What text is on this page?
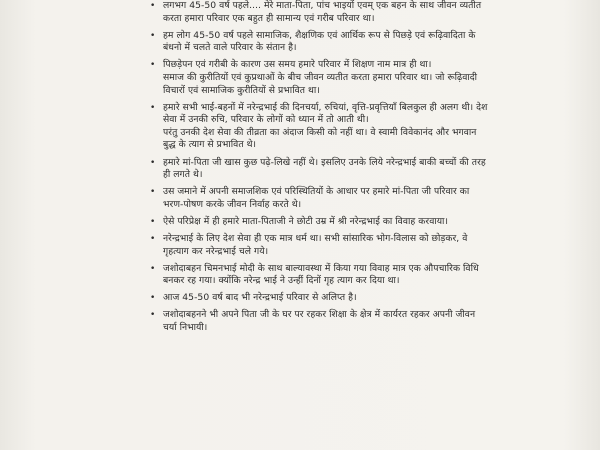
• लगभग 45-50 वर्ष पहले.... मेरे माता-पिता, पांच भाइयों एवम् एक बहन के साथ जीवन व्यतीत करता हमारा परिवार एक बहुत ही सामान्य एवं गरीब परिवार था।
• हम लोग 45-50 वर्ष पहले सामाजिक, शैक्षणिक एवं आर्थिक रूप से पिछड़े एवं रूढ़िवादिता के बंधनो में चलते वाले परिवार के संतान है।
• पिछड़ेपन एवं गरीबी के कारण उस समय हमारे परिवार में शिक्षण नाम मात्र ही था।
समाज की कुरीतियों एवं कुप्रथाओं के बीच जीवन व्यतीत करता हमारा परिवार था। जो रूढ़िवादी विचारों एवं सामाजिक कुरीतियों से प्रभावित था।
• हमारे सभी भाई-बहनों में नरेन्द्रभाई की दिनचर्या, रुचियां, वृत्ति-प्रवृत्तियाँ बिलकुल ही अलग थी। देश सेवा में उनकी रुचि, परिवार के लोगों को ध्यान में तो आती थी।
परंतु उनकी देश सेवा की तीव्रता का अंदाज किसी को नहीं था। वे स्वामी विवेकानंद और भगवान बुद्ध के त्याग से प्रभावित थे।
• हमारे मां-पिता जी खास कुछ पढ़े-लिखे नहीं थे। इसलिए उनके लिये नरेन्द्रभाई बाकी बच्चों की तरह ही लगते थे।
• उस जमाने में अपनी समाजशिक एवं परिस्थितियों के आधार पर हमारे मां-पिता जी परिवार का भरण-पोषण करके जीवन निर्वाह करते थे।
• ऐसे परिप्रेक्ष में ही हमारे माता-पिताजी ने छोटी उम्र में श्री नरेन्द्रभाई का विवाह करवाया।
• नरेन्द्रभाई के लिए देश सेवा ही एक मात्र धर्म था। सभी सांसारिक भोग-विलास को छोड़कर, वे गृहत्याग कर नरेन्द्रभाई चले गये।
• जशोदाबहन चिमनभाई मोदी के साथ बाल्यावस्था में किया गया विवाह मात्र एक औपचारिक विधि बनकर रह गया। क्योंकि नरेन्द्र भाई ने उन्हीं दिनों गृह त्याग कर दिया था।
• आज 45-50 वर्ष बाद भी नरेन्द्रभाई परिवार से अलिप्त है।
• जशोदाबहनने भी अपने पिता जी के घर पर रहकर शिक्षा के क्षेत्र में कार्यरत रहकर अपनी जीवन चर्या निभायी।
